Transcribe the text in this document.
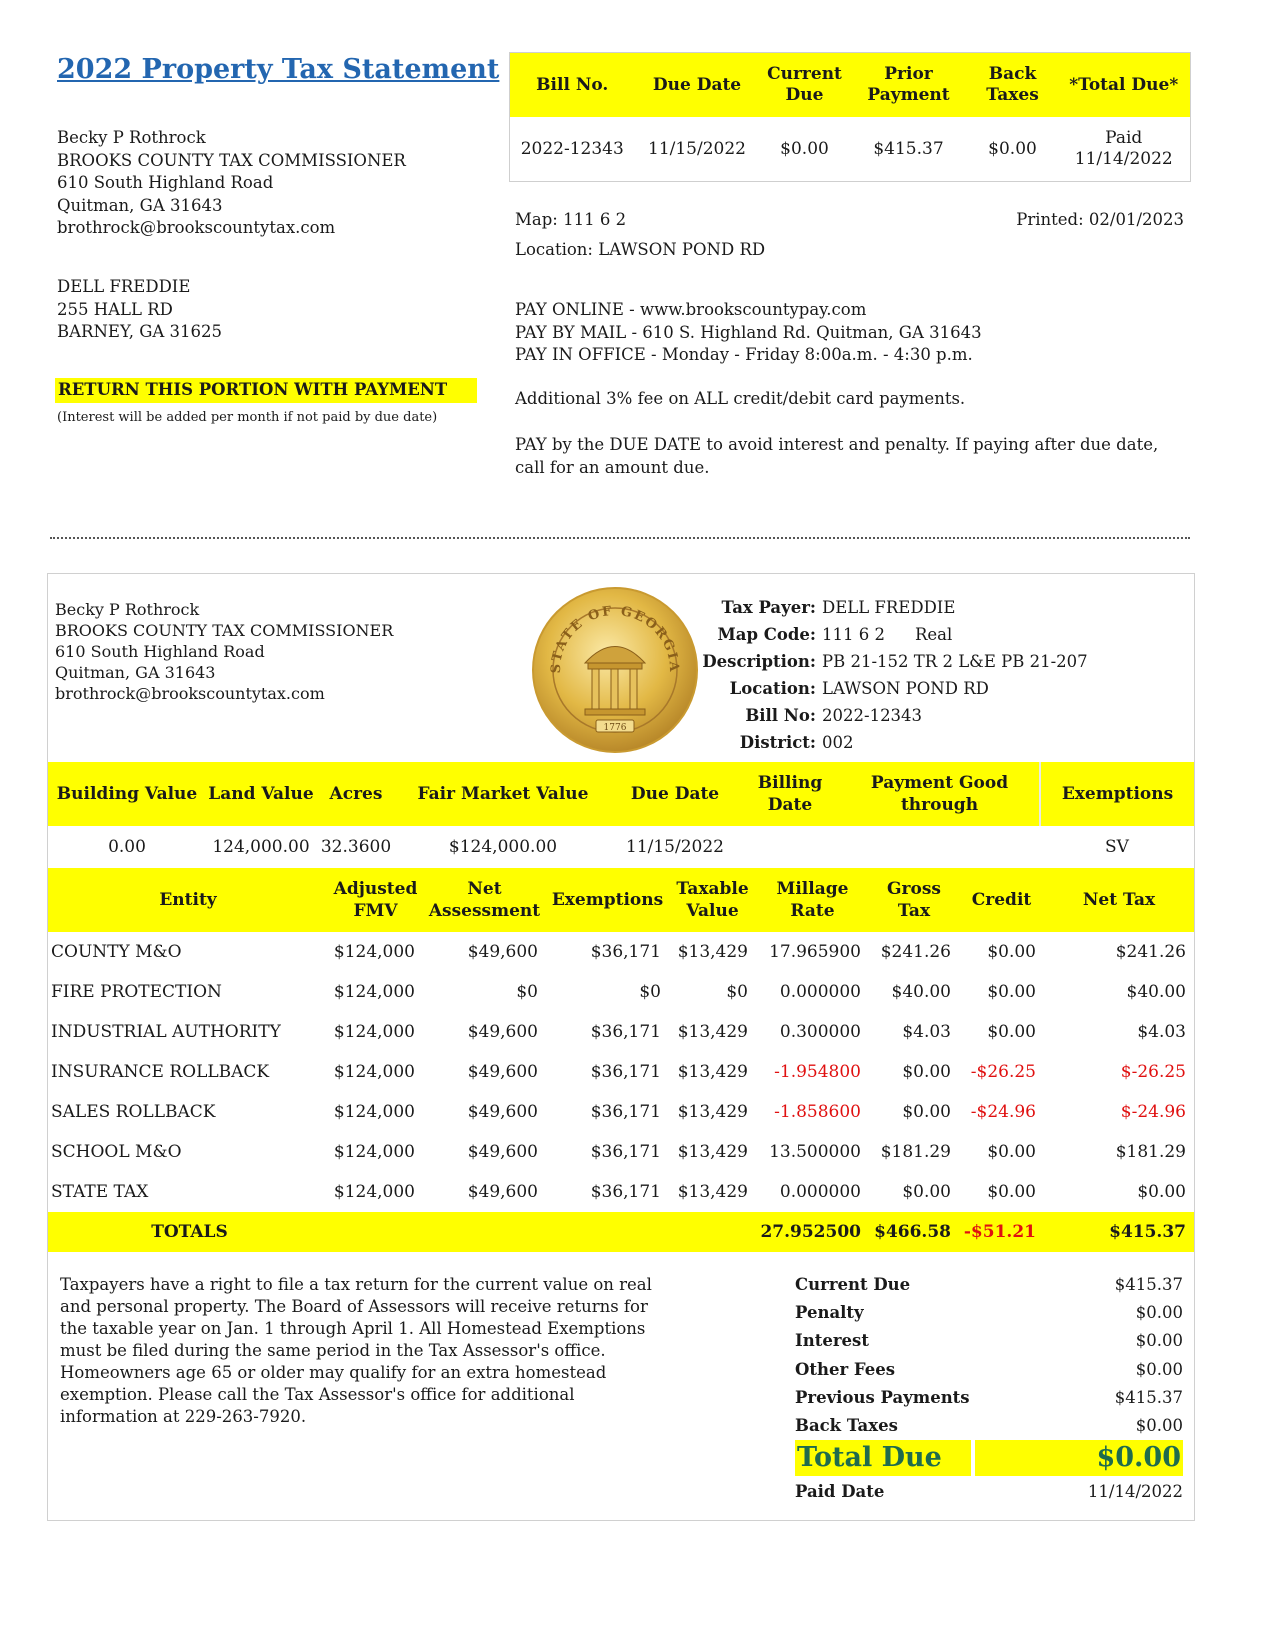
2022 Property Tax Statement
Becky P Rothrock
BROOKS COUNTY TAX COMMISSIONER
610 South Highland Road
Quitman, GA 31643
brothrock@brookscountytax.com
DELL FREDDIE
255 HALL RD
BARNEY, GA 31625
RETURN THIS PORTION WITH PAYMENT
(Interest will be added per month if not paid by due date)
Bill No.	Due Date	Current Due	Prior Payment	Back Taxes	*Total Due*
2022-12343	11/15/2022	$0.00	$415.37	$0.00	Paid
11/14/2022
Map: 111 6 2	Printed: 02/01/2023
Location: LAWSON POND RD
PAY ONLINE - www.brookscountypay.com
PAY BY MAIL - 610 S. Highland Rd. Quitman, GA 31643
PAY IN OFFICE - Monday - Friday 8:00a.m. - 4:30 p.m.
Additional 3% fee on ALL credit/debit card payments.
PAY by the DUE DATE to avoid interest and penalty. If paying after due date, call for an amount due.
Becky P Rothrock
BROOKS COUNTY TAX COMMISSIONER
610 South Highland Road
Quitman, GA 31643
brothrock@brookscountytax.com
STATE OF GEORGIA
1776
Tax Payer: DELL FREDDIE
Map Code: 111 6 2 Real
Description: PB 21-152 TR 2 L&E PB 21-207
Location: LAWSON POND RD
Bill No: 2022-12343
District: 002
Building Value	Land Value	Acres	Fair Market Value	Due Date	Billing Date	Payment Good through	Exemptions
0.00	124,000.00	32.3600	$124,000.00	11/15/2022			SV
Entity	Adjusted FMV	Net Assessment	Exemptions	Taxable Value	Millage Rate	Gross Tax	Credit	Net Tax
COUNTY M&O	$124,000	$49,600	$36,171	$13,429	17.965900	$241.26	$0.00	$241.26
FIRE PROTECTION	$124,000	$0	$0	$0	0.000000	$40.00	$0.00	$40.00
INDUSTRIAL AUTHORITY	$124,000	$49,600	$36,171	$13,429	0.300000	$4.03	$0.00	$4.03
INSURANCE ROLLBACK	$124,000	$49,600	$36,171	$13,429	-1.954800	$0.00	-$26.25	$-26.25
SALES ROLLBACK	$124,000	$49,600	$36,171	$13,429	-1.858600	$0.00	-$24.96	$-24.96
SCHOOL M&O	$124,000	$49,600	$36,171	$13,429	13.500000	$181.29	$0.00	$181.29
STATE TAX	$124,000	$49,600	$36,171	$13,429	0.000000	$0.00	$0.00	$0.00
TOTALS					27.952500	$466.58	-$51.21	$415.37
Taxpayers have a right to file a tax return for the current value on real and personal property. The Board of Assessors will receive returns for the taxable year on Jan. 1 through April 1. All Homestead Exemptions must be filed during the same period in the Tax Assessor's office. Homeowners age 65 or older may qualify for an extra homestead exemption. Please call the Tax Assessor's office for additional information at 229-263-7920.
Current Due	$415.37
Penalty	$0.00
Interest	$0.00
Other Fees	$0.00
Previous Payments	$415.37
Back Taxes	$0.00
Total Due	$0.00
Paid Date	11/14/2022
